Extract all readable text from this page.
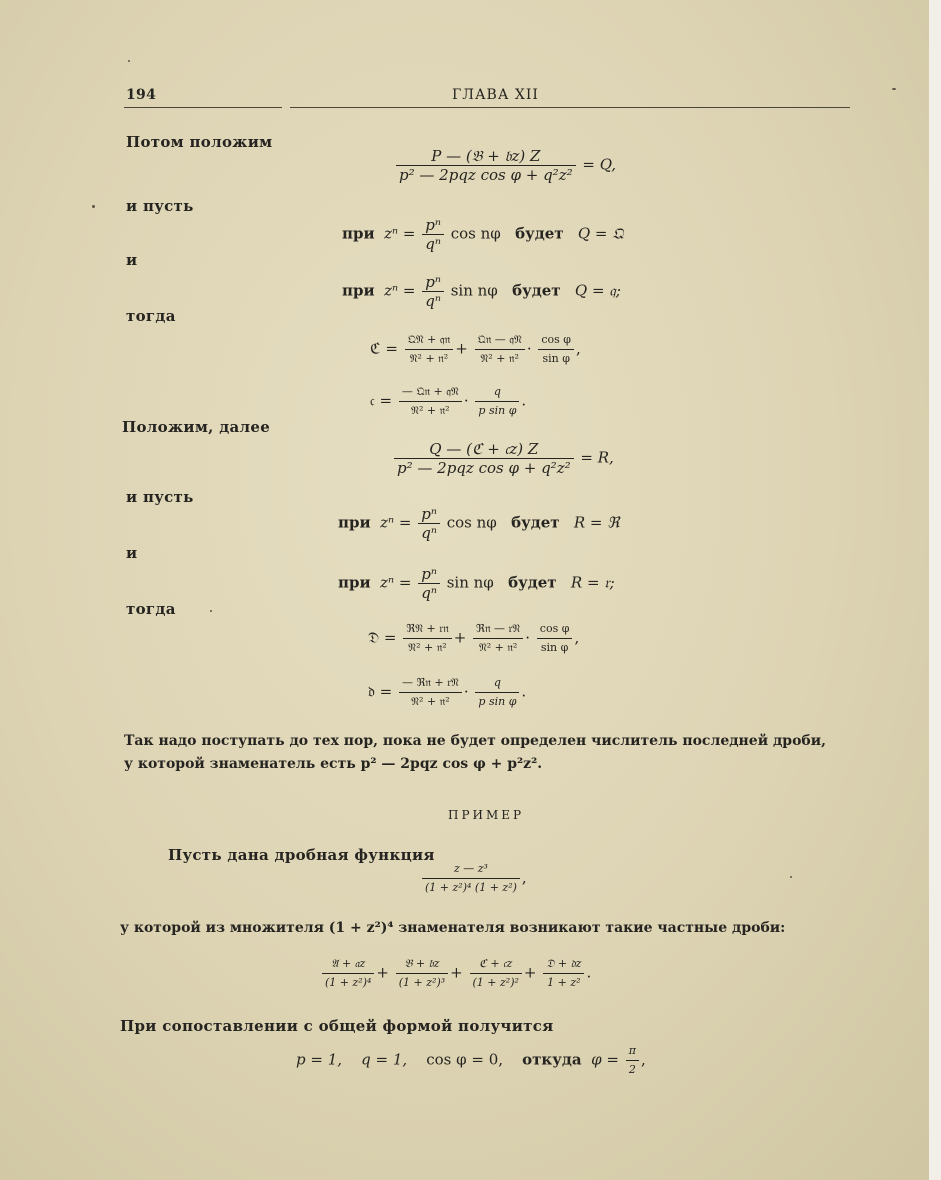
194	ГЛАВА XII
Потом положим
$\frac{\text{P — (𝔅 + 𝔟z) Z}}{\text{p² — 2pqz cos φ + q²z²}} = Q$,
и пусть
при $z^n = \frac{\text{pⁿ}}{\text{qⁿ}}$ cos nφ будет Q = 𝔔
и
при $z^n = \frac{\text{pⁿ}}{\text{qⁿ}}$ sin nφ будет Q = 𝔮;
тогда
ℭ = $\frac{\text{𝔔𝔑 + 𝔮𝔫}}{\text{𝔑² + 𝔫²}} + \frac{\text{𝔔𝔫 — 𝔮𝔑}}{\text{𝔑² + 𝔫²}} \cdot \frac{\text{cos φ}}{\text{sin φ}}$ ,
𝔠 = $\frac{\text{— 𝔔𝔫 + 𝔮𝔑}}{\text{𝔑² + 𝔫²}} \cdot \frac{q}{\text{p sin φ}}$ .
Положим, далее
$\frac{\text{Q — (ℭ + 𝔠z) Z}}{\text{p² — 2pqz cos φ + q²z²}} = R$,
и пусть
при $z^n = \frac{\text{pⁿ}}{\text{qⁿ}}$ cos nφ будет R = ℜ
и
при $z^n = \frac{\text{pⁿ}}{\text{qⁿ}}$ sin nφ будет R = 𝔯;
тогда
𝔇 = $\frac{\text{ℜ𝔑 + 𝔯𝔫}}{\text{𝔑² + 𝔫²}} + \frac{\text{ℜ𝔫 — 𝔯𝔑}}{\text{𝔑² + 𝔫²}} \cdot \frac{\text{cos φ}}{\text{sin φ}}$ ,
𝔡 = $\frac{\text{— ℜ𝔫 + 𝔯𝔑}}{\text{𝔑² + 𝔫²}} \cdot \frac{q}{\text{p sin φ}}$ .
Так надо поступать до тех пор, пока не будет определен числитель последней дроби,
у которой знаменатель есть p² — 2pqz cos φ + p²z².
ПРИМЕР
Пусть дана дробная функция
$\frac{\text{z — z³}}{\text{(1 + z²)⁴ (1 + z²)}}$ ,
у которой из множителя (1 + z²)⁴ знаменателя возникают такие частные дроби:
$\frac{\text{𝔄 + 𝔞z}}{\text{(1 + z²)⁴}} + \frac{\text{𝔅 + 𝔟z}}{\text{(1 + z²)³}} + \frac{\text{ℭ + 𝔠z}}{\text{(1 + z²)²}} + \frac{\text{𝔇 + 𝔡z}}{\text{1 + z²}}$ .
При сопоставлении с общей формой получится
p = 1, q = 1, cos φ = 0, откуда $\varphi = \frac{\pi}{2}$ ,
